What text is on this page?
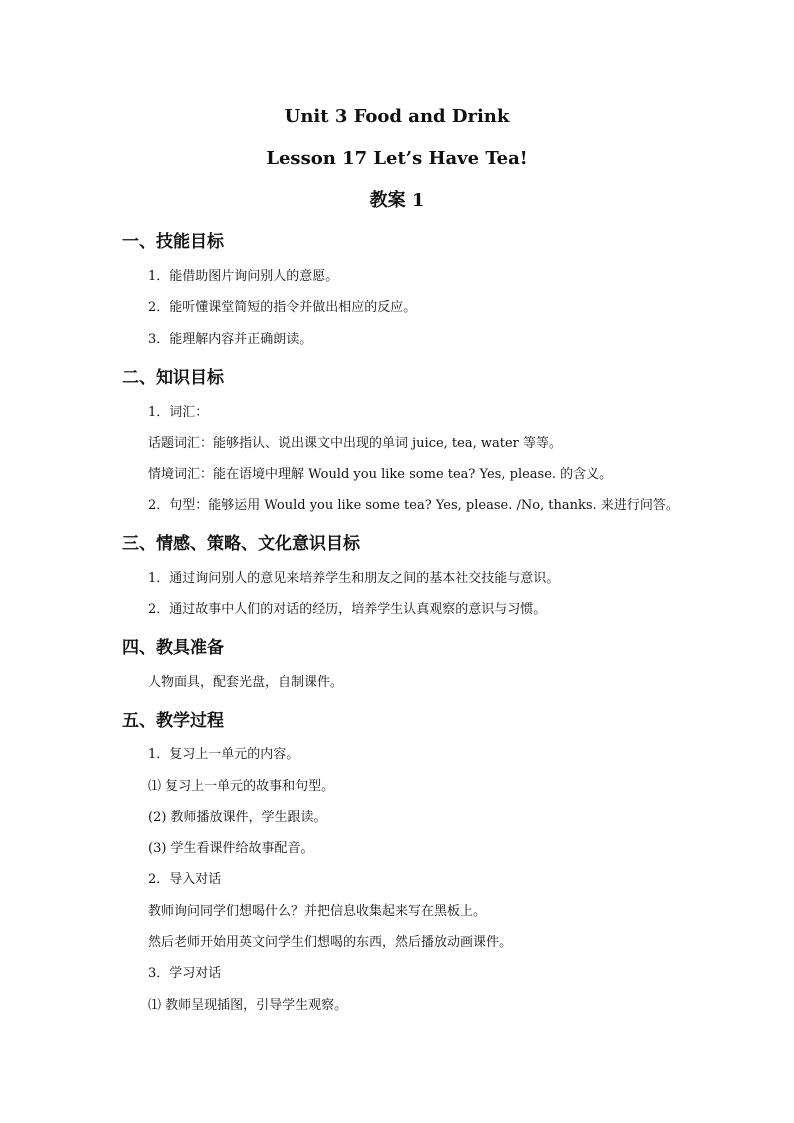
Unit 3 Food and Drink
Lesson 17 Let’s Have Tea!
教案 1
一、技能目标
1．能借助图片询问别人的意愿。
2．能听懂课堂简短的指令并做出相应的反应。
3．能理解内容并正确朗读。
二、知识目标
1．词汇：
话题词汇：能够指认、说出课文中出现的单词 juice, tea, water 等等。
情境词汇：能在语境中理解 Would you like some tea? Yes, please. 的含义。
2．句型：能够运用 Would you like some tea? Yes, please. /No, thanks. 来进行问答。
三、情感、策略、文化意识目标
1．通过询问别人的意见来培养学生和朋友之间的基本社交技能与意识。
2．通过故事中人们的对话的经历，培养学生认真观察的意识与习惯。
四、教具准备
人物面具，配套光盘，自制课件。
五、教学过程
1．复习上一单元的内容。
⑴ 复习上一单元的故事和句型。
(2) 教师播放课件，学生跟读。
(3) 学生看课件给故事配音。
2．导入对话
教师询问同学们想喝什么？并把信息收集起来写在黑板上。
然后老师开始用英文问学生们想喝的东西，然后播放动画课件。
3．学习对话
⑴ 教师呈现插图，引导学生观察。
